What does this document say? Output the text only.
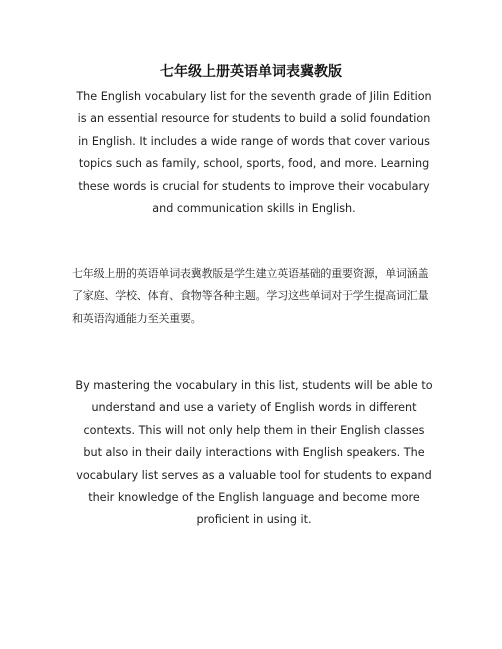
七年级上册英语单词表冀教版

The English vocabulary list for the seventh grade of Jilin Edition is an essential resource for students to build a solid foundation in English. It includes a wide range of words that cover various topics such as family, school, sports, food, and more. Learning these words is crucial for students to improve their vocabulary and communication skills in English.

七年级上册的英语单词表冀教版是学生建立英语基础的重要资源，单词涵盖了家庭、学校、体育、食物等各种主题。学习这些单词对于学生提高词汇量和英语沟通能力至关重要。

By mastering the vocabulary in this list, students will be able to understand and use a variety of English words in different contexts. This will not only help them in their English classes but also in their daily interactions with English speakers. The vocabulary list serves as a valuable tool for students to expand their knowledge of the English language and become more proficient in using it.
